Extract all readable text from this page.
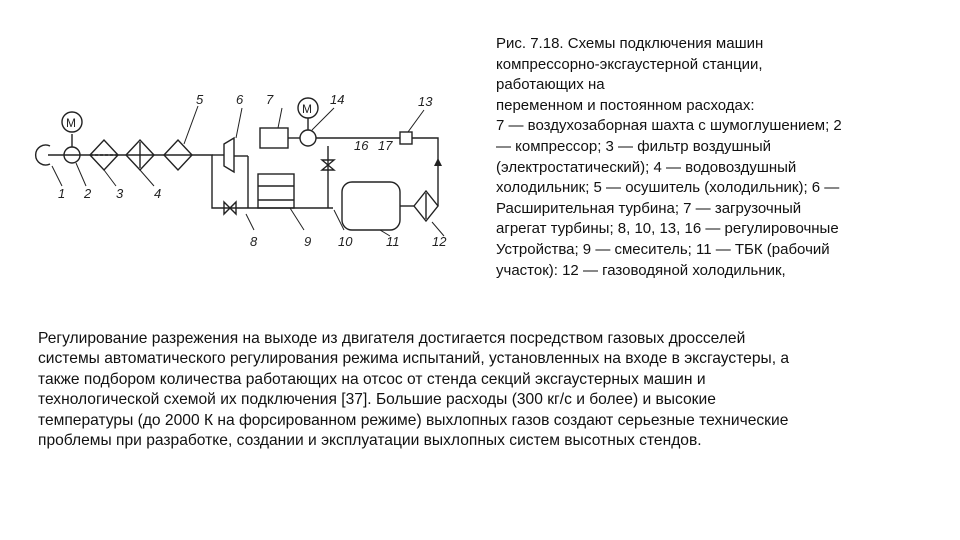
M
M
1 2 3 4
5	6 7	14	13
16 17
8	9 10	11	12

Рис. 7.18. Схемы подключения машин
компрессорно-эксгаустерной станции,
работающих на
переменном и постоянном расходах:
7 — воздухозаборная шахта с шумоглушением; 2
— компрессор; 3 — фильтр воздушный
(электростатический); 4 — водовоздушный
холодильник; 5 — осушитель (холодильник); 6 —
Расширительная турбина; 7 — загрузочный
агрегат турбины; 8, 10, 13, 16 — регулировочные
Устройства; 9 — смеситель; 11 — ТБК (рабочий
участок): 12 — газоводяной холодильник,

Регулирование разрежения на выходе из двигателя достигается посредством газовых дросселей
системы автоматического регулирования режима испытаний, установленных на входе в эксгаустеры, а
также подбором количества работающих на отсос от стенда секций эксгаустерных машин и
технологической схемой их подключения [37]. Большие расходы (300 кг/с и более) и высокие
температуры (до 2000 К на форсированном режиме) выхлопных газов создают серьезные технические
проблемы при разработке, создании и эксплуатации выхлопных систем высотных стендов.
